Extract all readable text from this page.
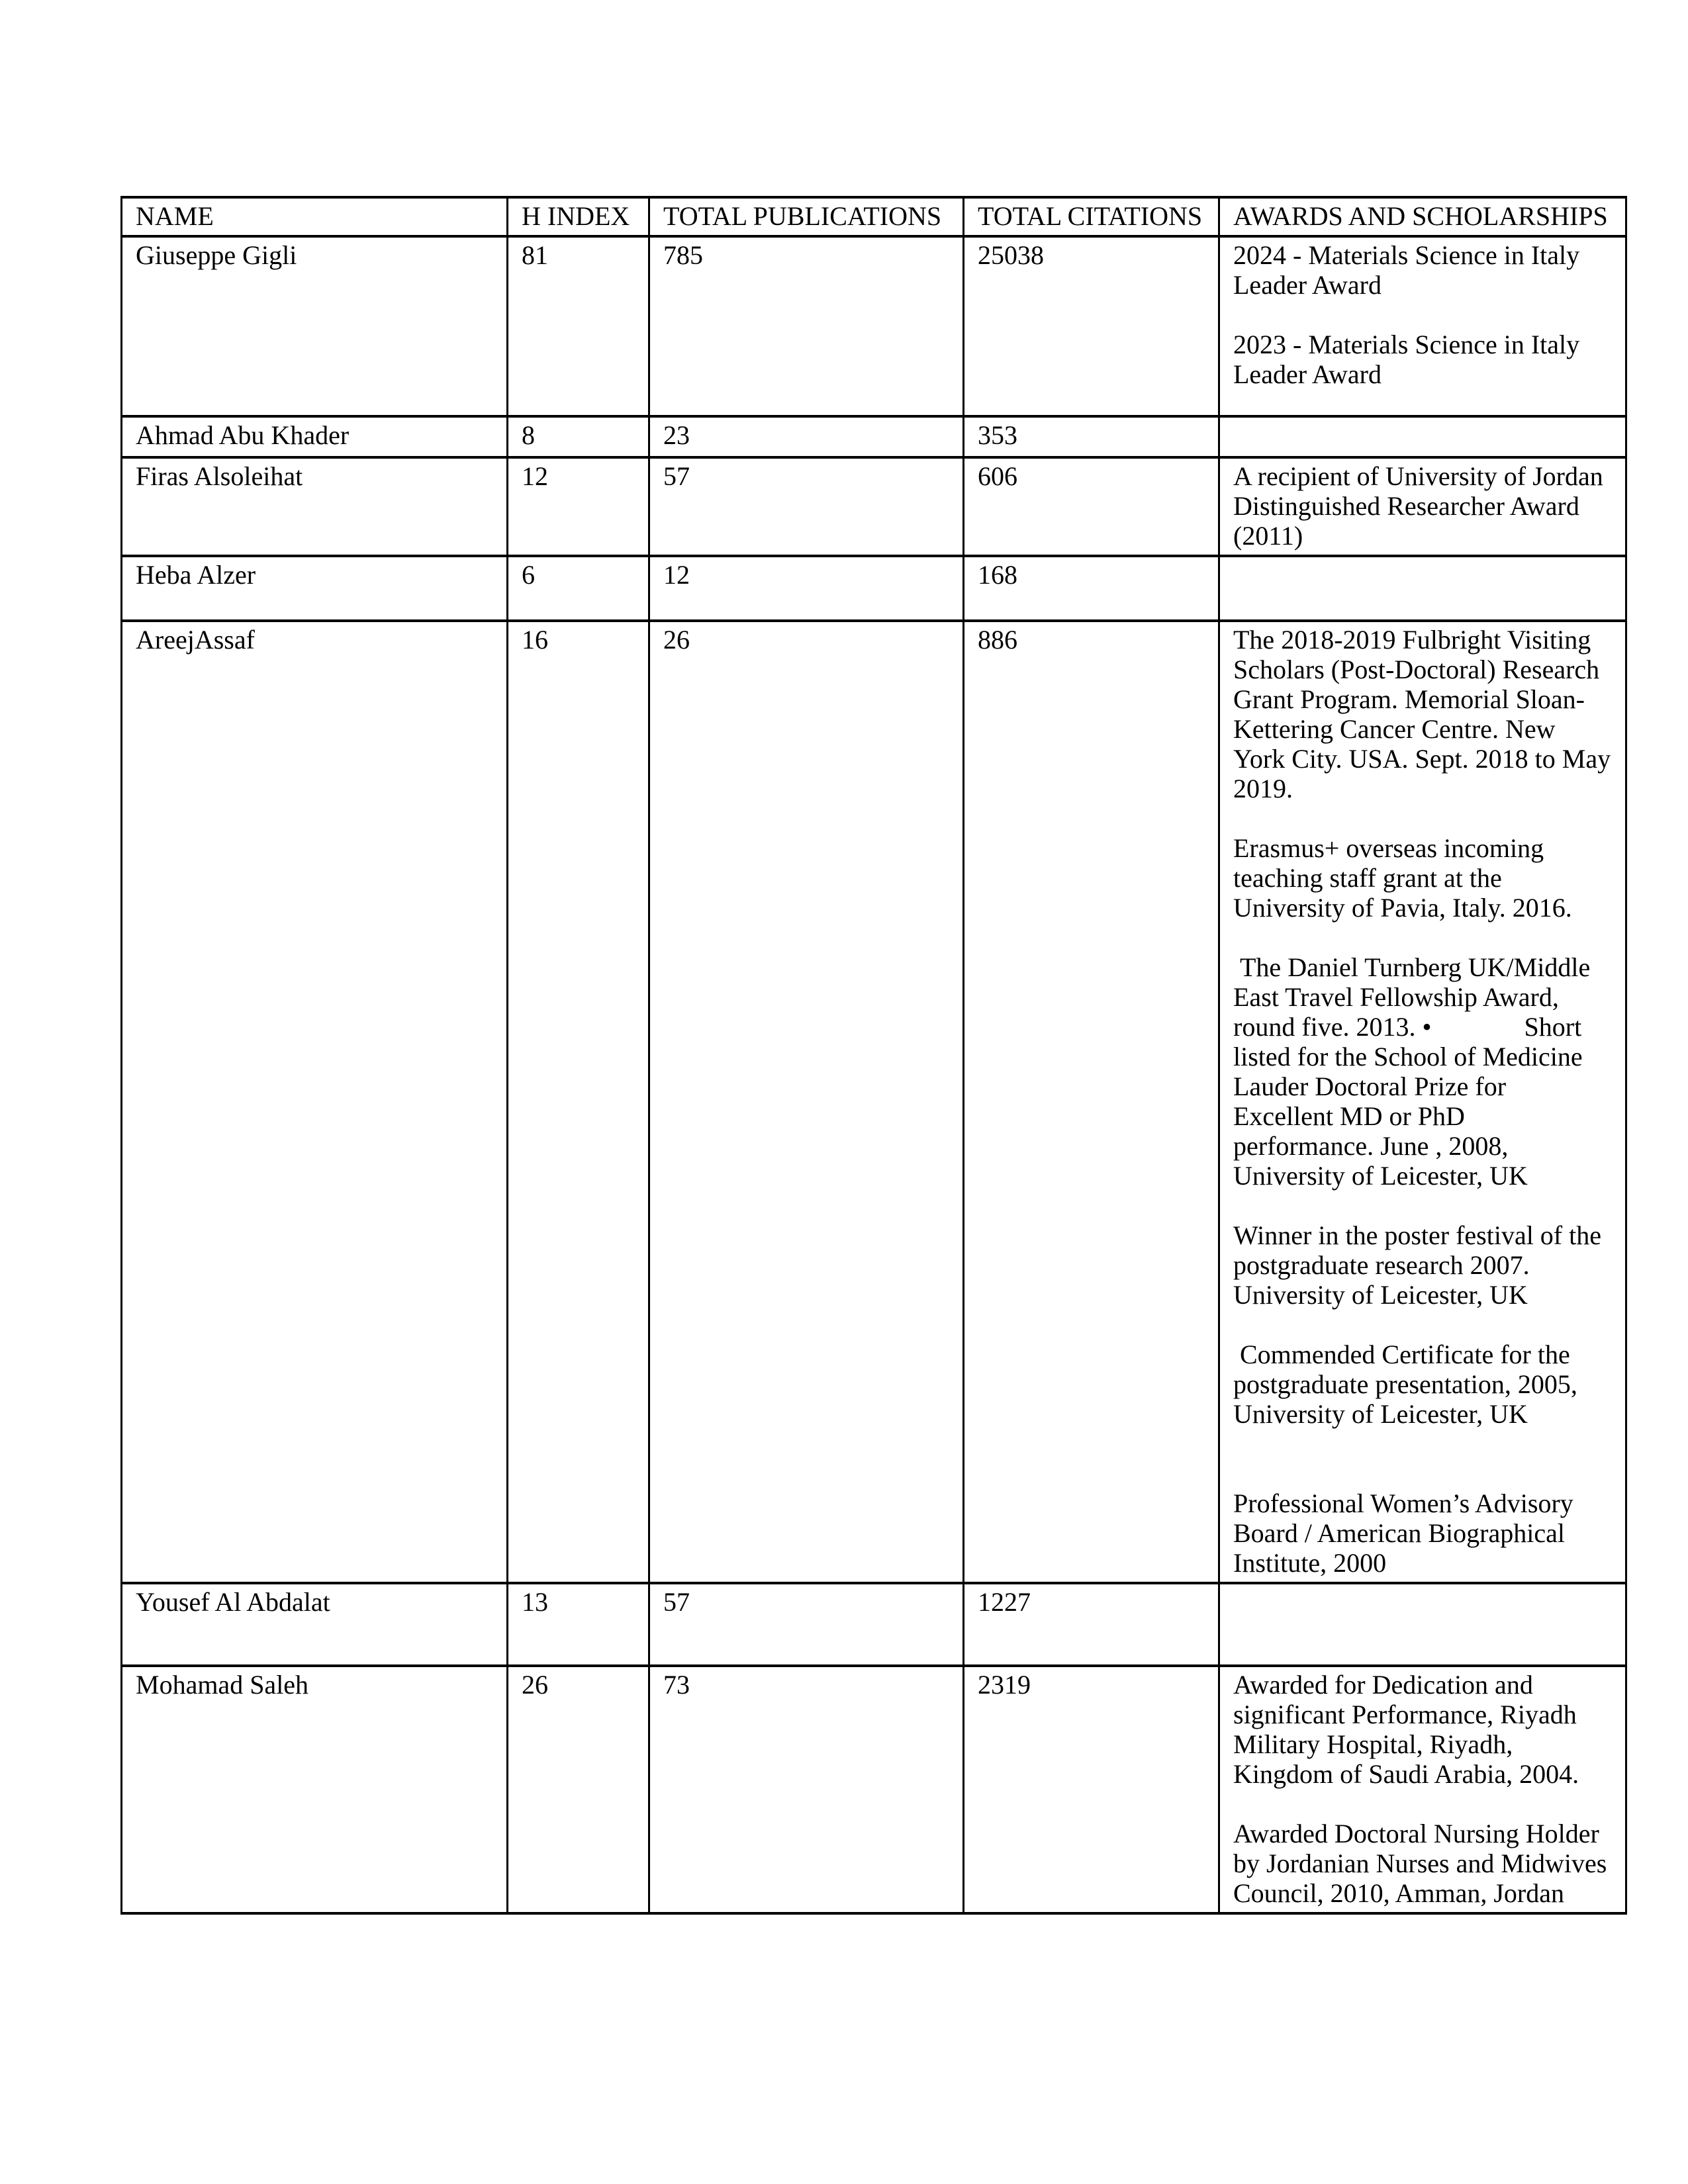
NAME	H INDEX	TOTAL PUBLICATIONS	TOTAL CITATIONS	AWARDS AND SCHOLARSHIPS
Giuseppe Gigli	81	785	25038	2024 - Materials Science in Italy Leader Award
2023 - Materials Science in Italy Leader Award

Ahmad Abu Khader	8	23	353	
Firas Alsoleihat	12	57	606	A recipient of University of Jordan Distinguished Researcher Award (2011)

Heba Alzer	6	12	168	
AreejAssaf	16	26	886	The 2018-2019 Fulbright Visiting Scholars (Post-Doctoral) Research Grant Program. Memorial Sloan-Kettering Cancer Centre. New York City. USA. Sept. 2018 to May 2019.
Erasmus+ overseas incoming teaching staff grant at the University of Pavia, Italy. 2016.
The Daniel Turnberg UK/Middle East Travel Fellowship Award, round five. 2013. •              Short listed for the School of Medicine Lauder Doctoral Prize for Excellent MD or PhD performance. June , 2008, University of Leicester, UK
Winner in the poster festival of the postgraduate research 2007. University of Leicester, UK
Commended Certificate for the postgraduate presentation, 2005, University of Leicester, UK
Professional Women’s Advisory Board / American Biographical Institute, 2000

Yousef Al Abdalat	13	57	1227	
Mohamad Saleh	26	73	2319	Awarded for Dedication and significant Performance, Riyadh Military Hospital, Riyadh, Kingdom of Saudi Arabia, 2004.
Awarded Doctoral Nursing Holder by Jordanian Nurses and Midwives Council, 2010, Amman, Jordan
